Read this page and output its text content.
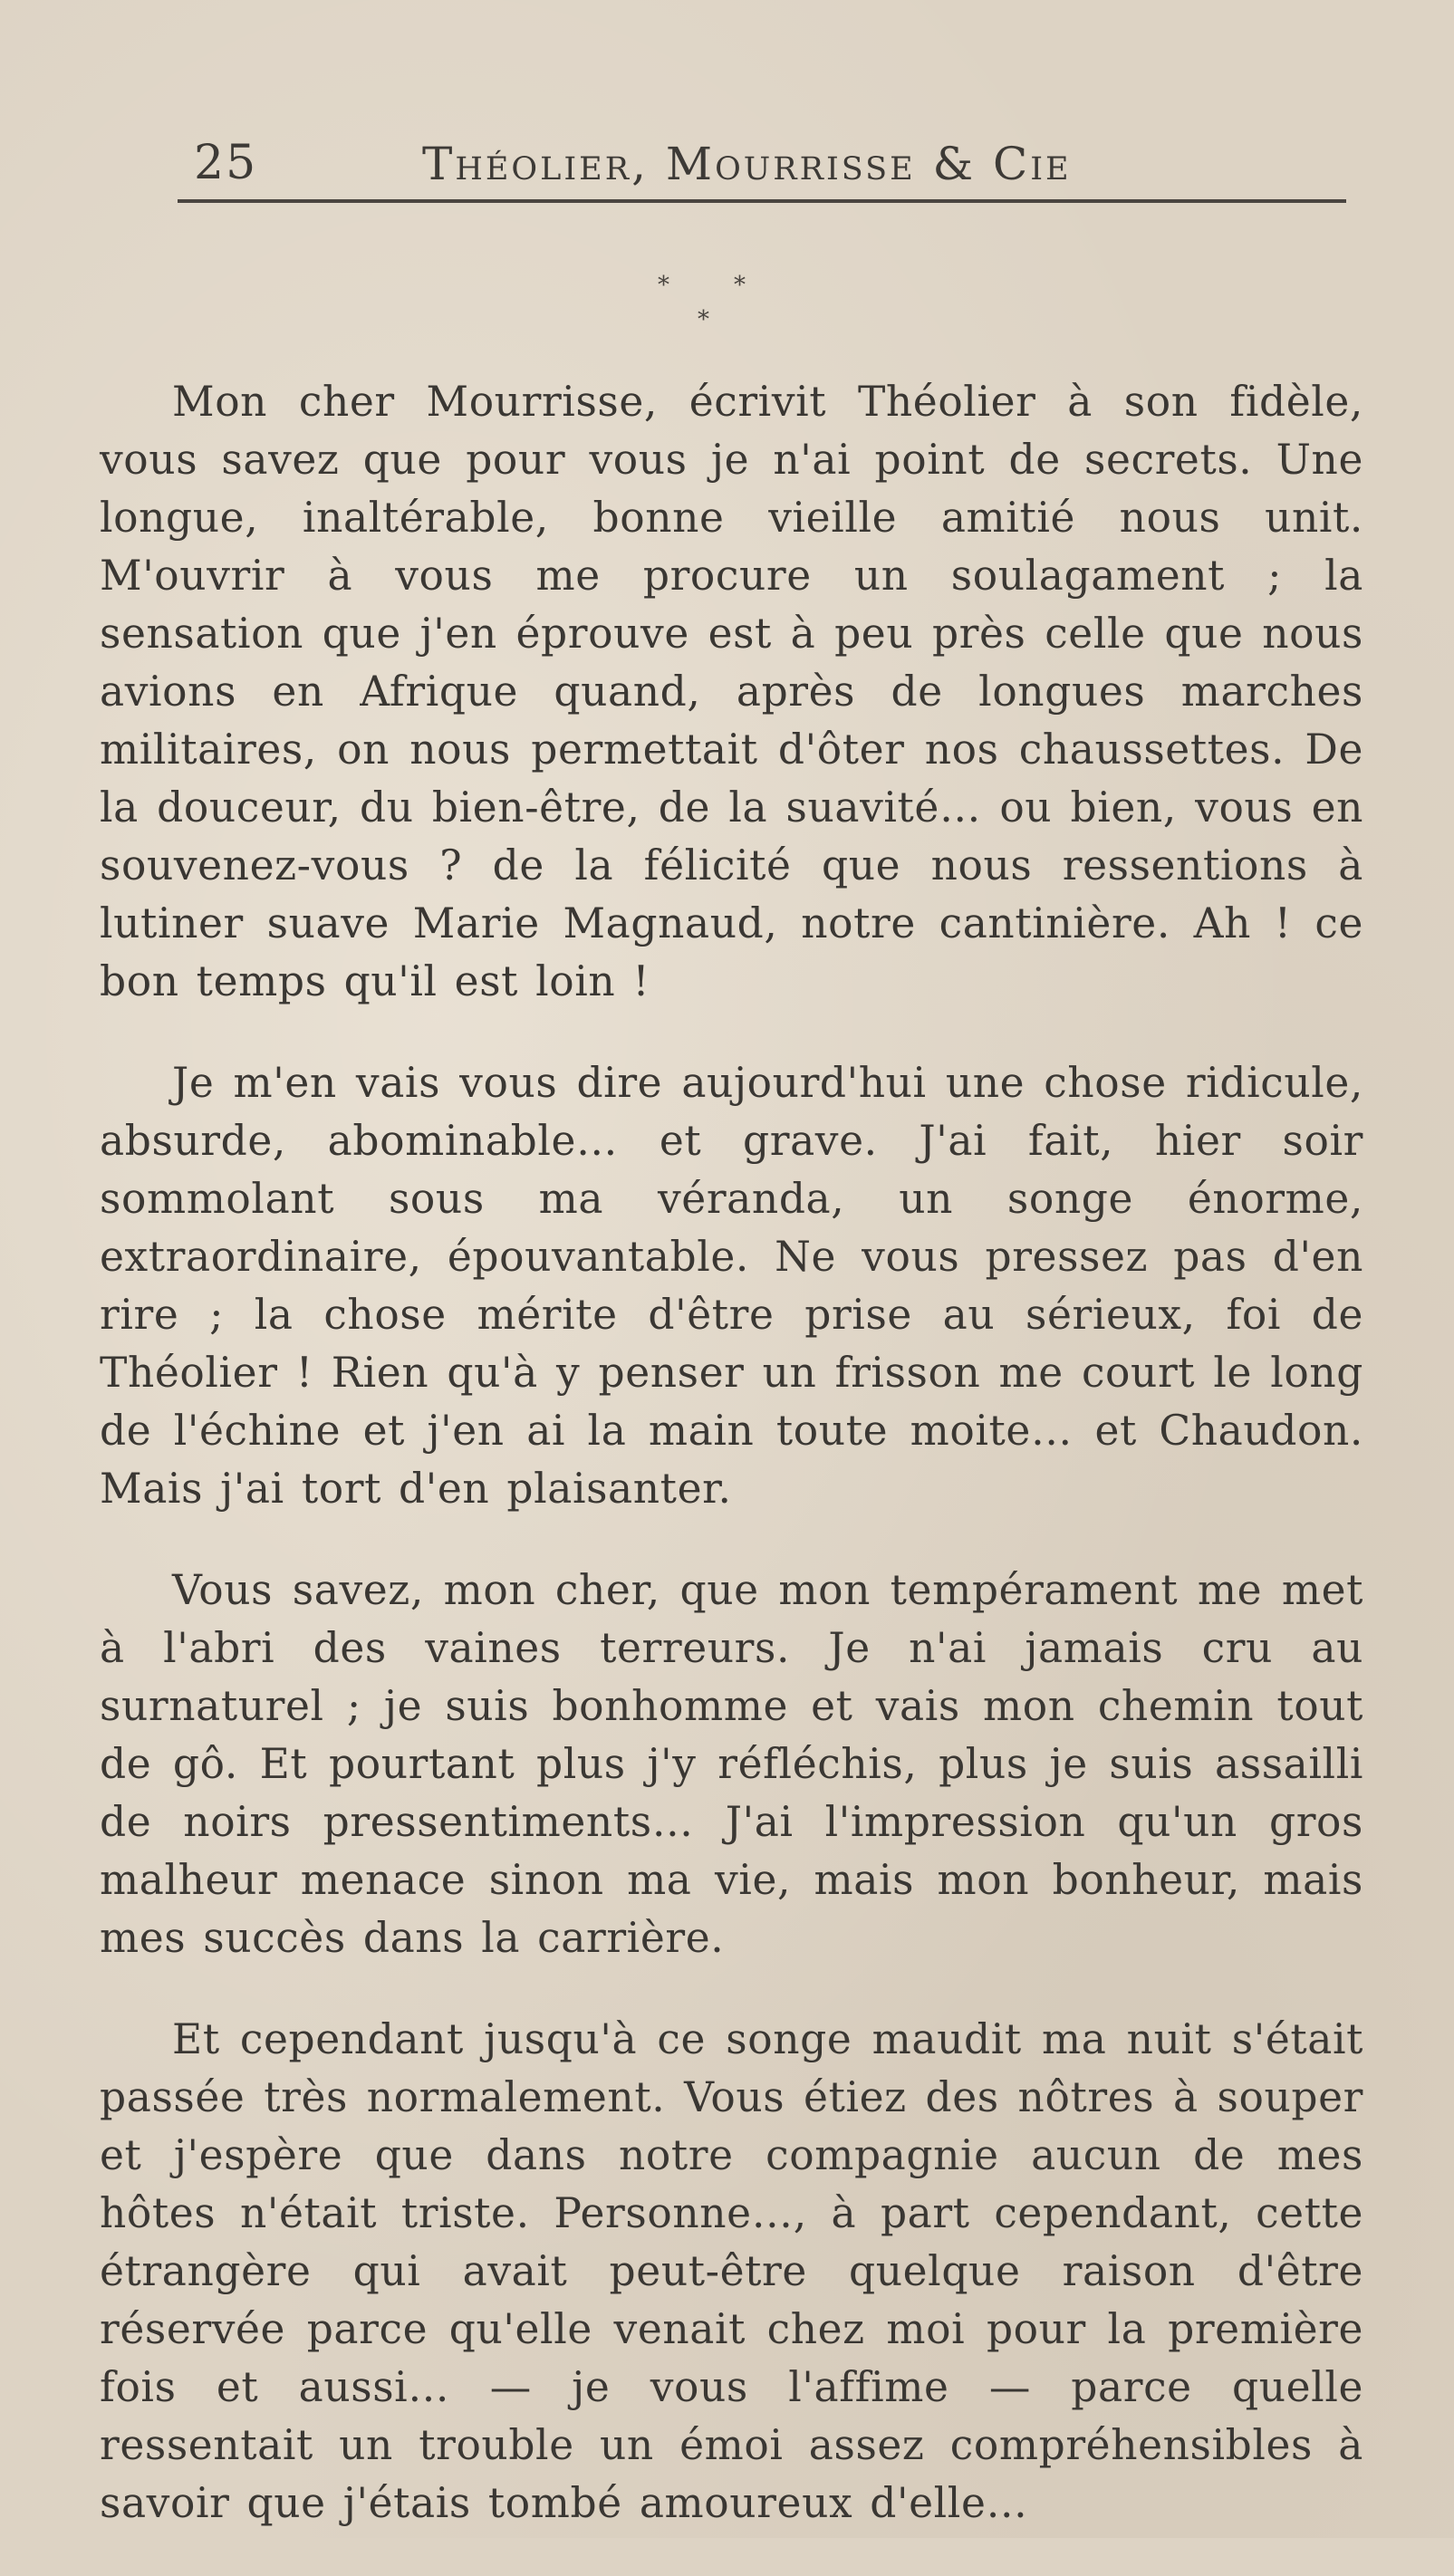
25	Théolier, Mourrisse & Cie
*	*
*

Mon cher Mourrisse, écrivit Théolier à son fidèle, vous savez que pour vous je n'ai point de secrets. Une longue, inaltérable, bonne vieille amitié nous unit. M'ouvrir à vous me procure un soulagament ; la sensation que j'en éprouve est à peu près celle que nous avions en Afrique quand, après de longues marches militaires, on nous permettait d'ôter nos chaussettes. De la douceur, du bien-être, de la suavité… ou bien, vous en souvenez-vous ? de la félicité que nous ressentions à lutiner suave Marie Magnaud, notre cantinière. Ah ! ce bon temps qu'il est loin !

Je m'en vais vous dire aujourd'hui une chose ridicule, absurde, abominable… et grave. J'ai fait, hier soir sommolant sous ma véranda, un songe énorme, extraordinaire, épouvantable. Ne vous pressez pas d'en rire ; la chose mérite d'être prise au sérieux, foi de Théolier ! Rien qu'à y penser un frisson me court le long de l'échine et j'en ai la main toute moite… et Chaudon. Mais j'ai tort d'en plaisanter.

Vous savez, mon cher, que mon tempérament me met à l'abri des vaines terreurs. Je n'ai jamais cru au surnaturel ; je suis bonhomme et vais mon chemin tout de gô. Et pourtant plus j'y réfléchis, plus je suis assailli de noirs pressentiments… J'ai l'impression qu'un gros malheur menace sinon ma vie, mais mon bonheur, mais mes succès dans la carrière.

Et cependant jusqu'à ce songe maudit ma nuit s'était passée très normalement. Vous étiez des nôtres à souper et j'espère que dans notre compagnie aucun de mes hôtes n'était triste. Personne…, à part cependant, cette étrangère qui avait peut-être quelque raison d'être réservée parce qu'elle venait chez moi pour la première fois et aussi… — je vous l'affime — parce quelle ressentait un trouble un émoi assez compréhensibles à savoir que j'étais tombé amoureux d'elle…
